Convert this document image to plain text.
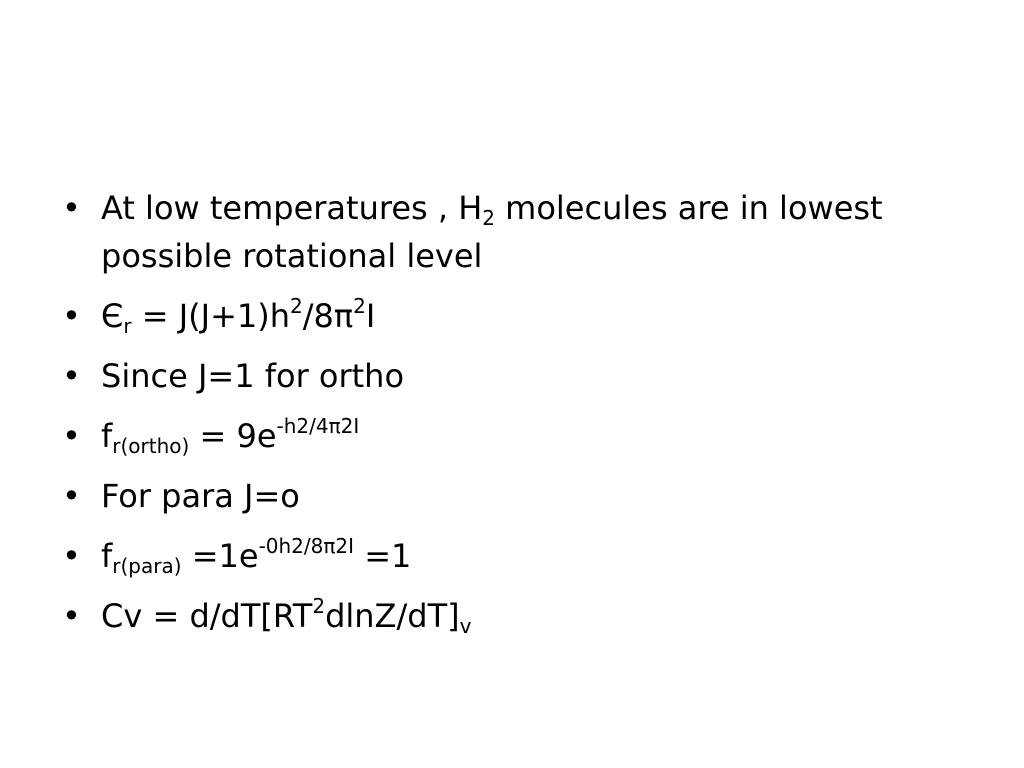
• At low temperatures , $H_2$ molecules are in lowest possible rotational level
• $Є_r = J(J+1)h^2/8\pi^2I$
• Since J=1 for ortho
• $f_{r(ortho)} = 9e^{-h2/4\pi 2I}$
• For para J=o
• $f_{r(para)} =1e^{-0h2/8\pi 2I} =1$
• $Cv = d/dT[RT^2dlnZ/dT]_v$
